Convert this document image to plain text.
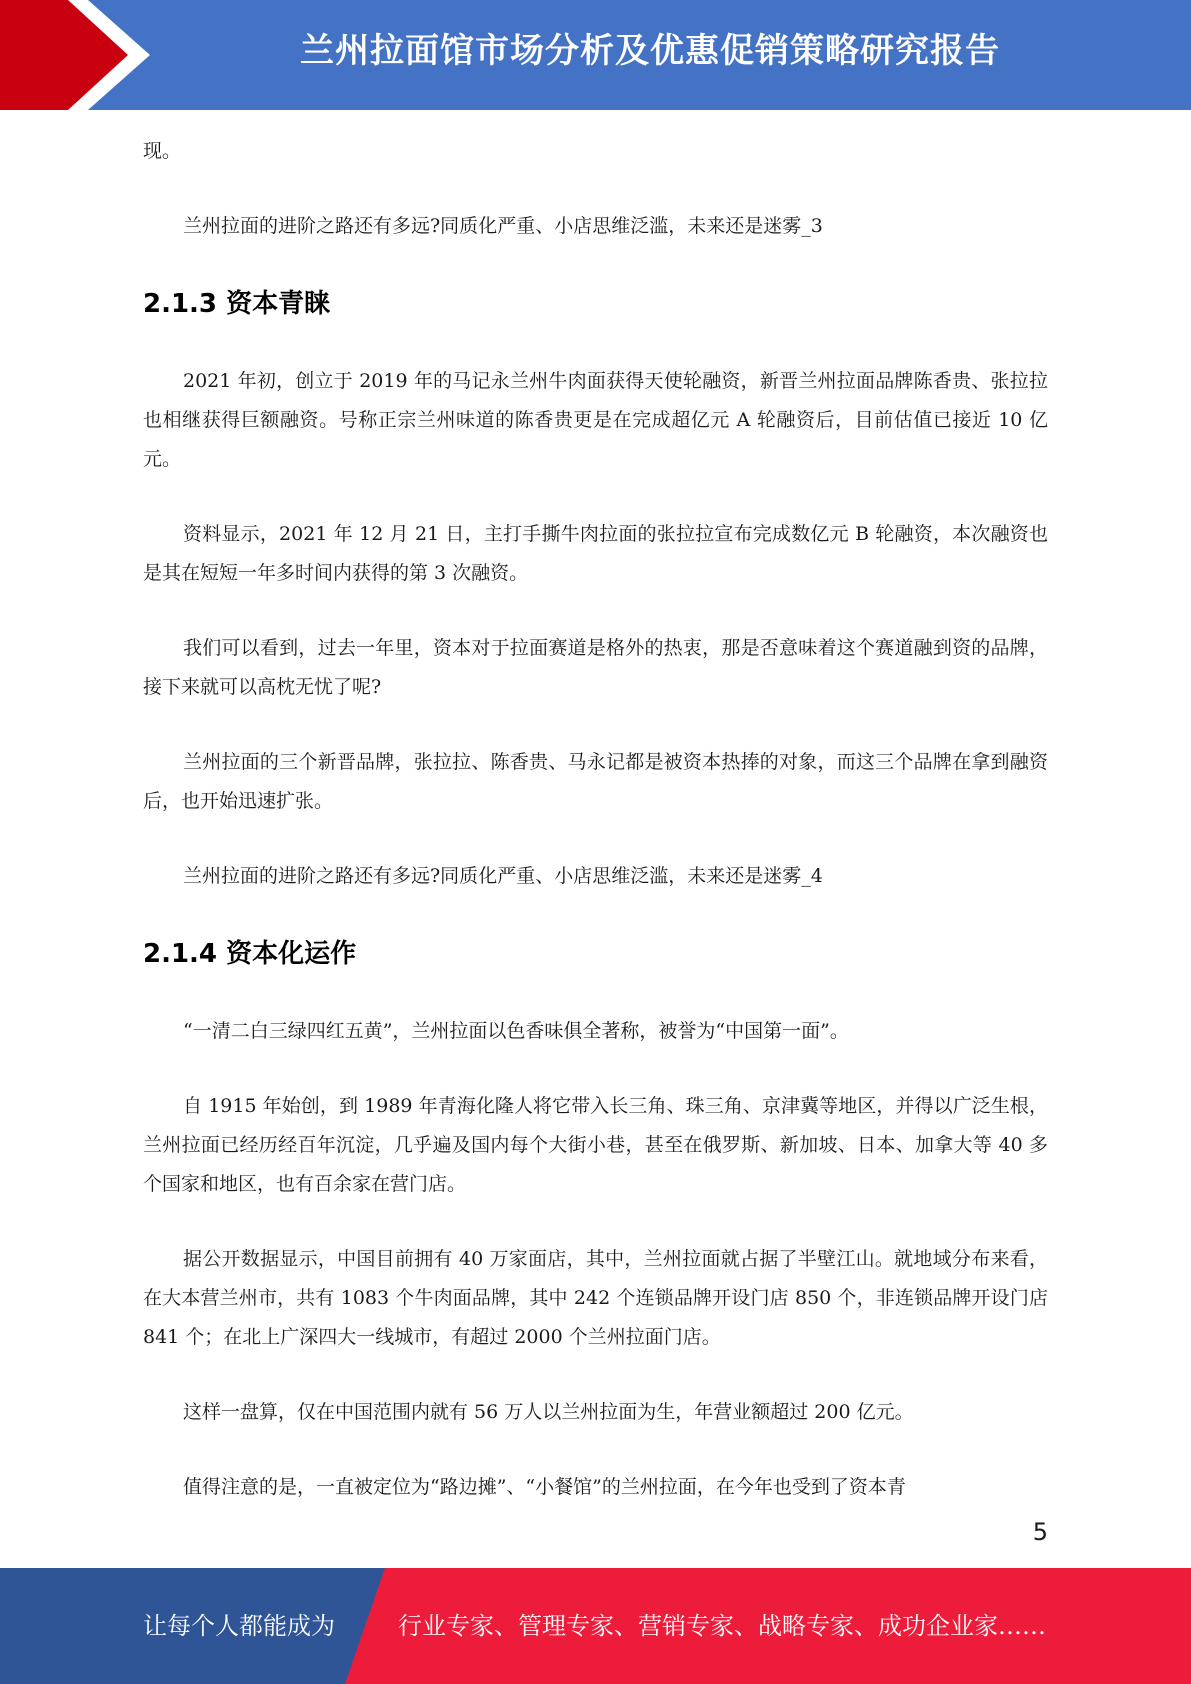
兰州拉面馆市场分析及优惠促销策略研究报告

现。

兰州拉面的进阶之路还有多远?同质化严重、小店思维泛滥，未来还是迷雾_3

2.1.3 资本青睐

2021 年初，创立于 2019 年的马记永兰州牛肉面获得天使轮融资，新晋兰州拉面品牌陈香贵、张拉拉也相继获得巨额融资。号称正宗兰州味道的陈香贵更是在完成超亿元 A 轮融资后，目前估值已接近 10 亿元。

资料显示，2021 年 12 月 21 日，主打手撕牛肉拉面的张拉拉宣布完成数亿元 B 轮融资，本次融资也是其在短短一年多时间内获得的第 3 次融资。

我们可以看到，过去一年里，资本对于拉面赛道是格外的热衷，那是否意味着这个赛道融到资的品牌，接下来就可以高枕无忧了呢?

兰州拉面的三个新晋品牌，张拉拉、陈香贵、马永记都是被资本热捧的对象，而这三个品牌在拿到融资后，也开始迅速扩张。

兰州拉面的进阶之路还有多远?同质化严重、小店思维泛滥，未来还是迷雾_4

2.1.4 资本化运作

“一清二白三绿四红五黄”，兰州拉面以色香味俱全著称，被誉为“中国第一面”。

自 1915 年始创，到 1989 年青海化隆人将它带入长三角、珠三角、京津冀等地区，并得以广泛生根，兰州拉面已经历经百年沉淀，几乎遍及国内每个大街小巷，甚至在俄罗斯、新加坡、日本、加拿大等 40 多个国家和地区，也有百余家在营门店。

据公开数据显示，中国目前拥有 40 万家面店，其中，兰州拉面就占据了半壁江山。就地域分布来看，在大本营兰州市，共有 1083 个牛肉面品牌，其中 242 个连锁品牌开设门店 850 个，非连锁品牌开设门店 841 个；在北上广深四大一线城市，有超过 2000 个兰州拉面门店。

这样一盘算，仅在中国范围内就有 56 万人以兰州拉面为生，年营业额超过 200 亿元。

值得注意的是，一直被定位为“路边摊”、“小餐馆”的兰州拉面，在今年也受到了资本青

5
让每个人都能成为	行业专家、管理专家、营销专家、战略专家、成功企业家……
